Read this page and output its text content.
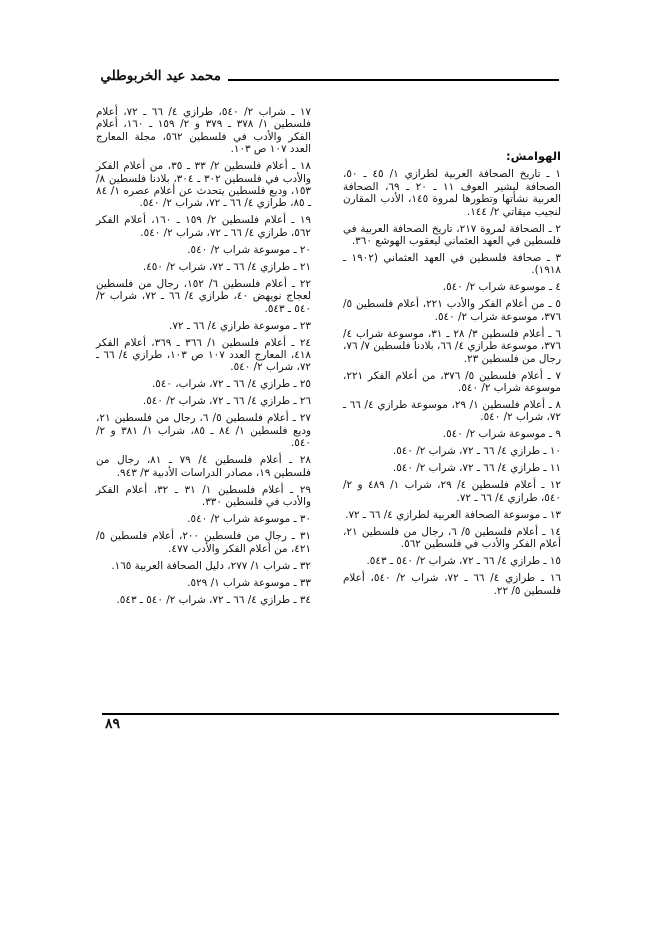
محمد عيد الخربوطلي
الهوامش:

١ ـ تاريخ الصحافة العربية لطرازي ١/ ٤٥ ـ ٥٠، الصحافة لبشير العوف ١١ ـ ٢٠ ـ ٦٩، الصحافة العربية نشأتها وتطورها لمروة ١٤٥، الأدب المقارن لنجيب ميقاتي ٢/ ١٤٤.

٢ ـ الصحافة لمروة ٢١٧، تاريخ الصحافة العربية في فلسطين في العهد العثماني ليعقوب الهوشع ٣٦٠.

٣ ـ صحافة فلسطين في العهد العثماني (١٩٠٢ ـ ١٩١٨).

٤ ـ موسوعة شراب ٢/ ٥٤٠.

٥ ـ من أعلام الفكر والأدب ٢٢١، أعلام فلسطين ٥/ ٣٧٦، موسوعة شراب ٢/ ٥٤٠.

٦ ـ أعلام فلسطين ٣/ ٢٨ ـ ٣١، موسوعة شراب ٤/ ٣٧٦، موسوعة طرازي ٤/ ٦٦، بلادنا فلسطين ٧/ ٧٦، رجال من فلسطين ٢٣.

٧ ـ أعلام فلسطين ٥/ ٣٧٦، من أعلام الفكر ٢٢١، موسوعة شراب ٢/ ٥٤٠.

٨ ـ أعلام فلسطين ١/ ٢٩، موسوعة طرازي ٤/ ٦٦ ـ ٧٢، شراب ٢/ ٥٤٠.

٩ ـ موسوعة شراب ٢/ ٥٤٠.

١٠ ـ طرازي ٤/ ٦٦ ـ ٧٢، شراب ٢/ ٥٤٠.

١١ ـ طرازي ٤/ ٦٦ ـ ٧٢، شراب ٢/ ٥٤٠.

١٢ ـ أعلام فلسطين ٤/ ٢٩، شراب ١/ ٤٨٩ و ٢/ ٥٤٠، طرازي ٤/ ٦٦ ـ ٧٢.

١٣ ـ موسوعة الصحافة العربية لطرازي ٤/ ٦٦ ـ ٧٢.

١٤ ـ أعلام فلسطين ٥/ ٦، رجال من فلسطين ٢١، أعلام الفكر والأدب في فلسطين ٥٦٢.

١٥ ـ طرازي ٤/ ٦٦ ـ ٧٢، شراب ٢/ ٥٤٠ ـ ٥٤٣.

١٦ ـ طرازي ٤/ ٦٦ ـ ٧٢، شراب ٢/ ٥٤٠، أعلام فلسطين ٥/ ٢٢.

١٧ ـ شراب ٢/ ٥٤٠، طرازي ٤/ ٦٦ ـ ٧٢، أعلام فلسطين ١/ ٣٧٨ ـ ٣٧٩ و ٢/ ١٥٩ ـ ١٦٠، أعلام الفكر والأدب في فلسطين ٥٦٢، مجلة المعارج العدد ١٠٧ ص ١٠٣.

١٨ ـ أعلام فلسطين ٢/ ٣٣ ـ ٣٥، من أعلام الفكر والأدب في فلسطين ٣٠٢ ـ ٣٠٤، بلادنا فلسطين ٨/ ١٥٣، وديع فلسطين يتحدث عن أعلام عصره ١/ ٨٤ ـ ٨٥، طرازي ٤/ ٦٦ ـ ٧٢، شراب ٢/ ٥٤٠.

١٩ ـ أعلام فلسطين ٢/ ١٥٩ ـ ١٦٠، أعلام الفكر ٥٦٢، طرازي ٤/ ٦٦ ـ ٧٢، شراب ٢/ ٥٤٠.

٢٠ ـ موسوعة شراب ٢/ ٥٤٠.

٢١ ـ طرازي ٤/ ٦٦ ـ ٧٢، شراب ٢/ ٤٥٠.

٢٢ ـ أعلام فلسطين ٦/ ١٥٢، رجال من فلسطين لعجاج نويهض ٤٠، طرازي ٤/ ٦٦ ـ ٧٢، شراب ٢/ ٥٤٠ ـ ٥٤٣.

٢٣ ـ موسوعة طرازي ٤/ ٦٦ ـ ٧٢.

٢٤ ـ أعلام فلسطين ١/ ٣٦٦ ـ ٣٦٩، أعلام الفكر ٤١٨، المعارج العدد ١٠٧ ص ١٠٣، طرازي ٤/ ٦٦ ـ ٧٢، شراب ٢/ ٥٤٠.

٢٥ ـ طرازي ٤/ ٦٦ ـ ٧٢، شراب، ٥٤٠.

٢٦ ـ طرازي ٤/ ٦٦ ـ ٧٢، شراب ٢/ ٥٤٠.

٢٧ ـ أعلام فلسطين ٥/ ٦، رجال من فلسطين ٢١، وديع فلسطين ١/ ٨٤ ـ ٨٥، شراب ١/ ٣٨١ و ٢/ ٥٤٠.

٢٨ ـ أعلام فلسطين ٤/ ٧٩ ـ ٨١، رجال من فلسطين ١٩، مصادر الدراسات الأدبية ٣/ ٩٤٣.

٢٩ ـ أعلام فلسطين ١/ ٣١ ـ ٣٢، أعلام الفكر والأدب في فلسطين ٣٣٠.

٣٠ ـ موسوعة شراب ٢/ ٥٤٠.

٣١ ـ رجال من فلسطين ٢٠٠، أعلام فلسطين ٥/ ٤٢١، من أعلام الفكر والأدب ٤٧٧.

٣٢ ـ شراب ١/ ٢٧٧، دليل الصحافة العربية ١٦٥.

٣٣ ـ موسوعة شراب ١/ ٥٢٩.

٣٤ ـ طرازي ٤/ ٦٦ ـ ٧٢، شراب ٢/ ٥٤٠ ـ ٥٤٣.

٨٩
